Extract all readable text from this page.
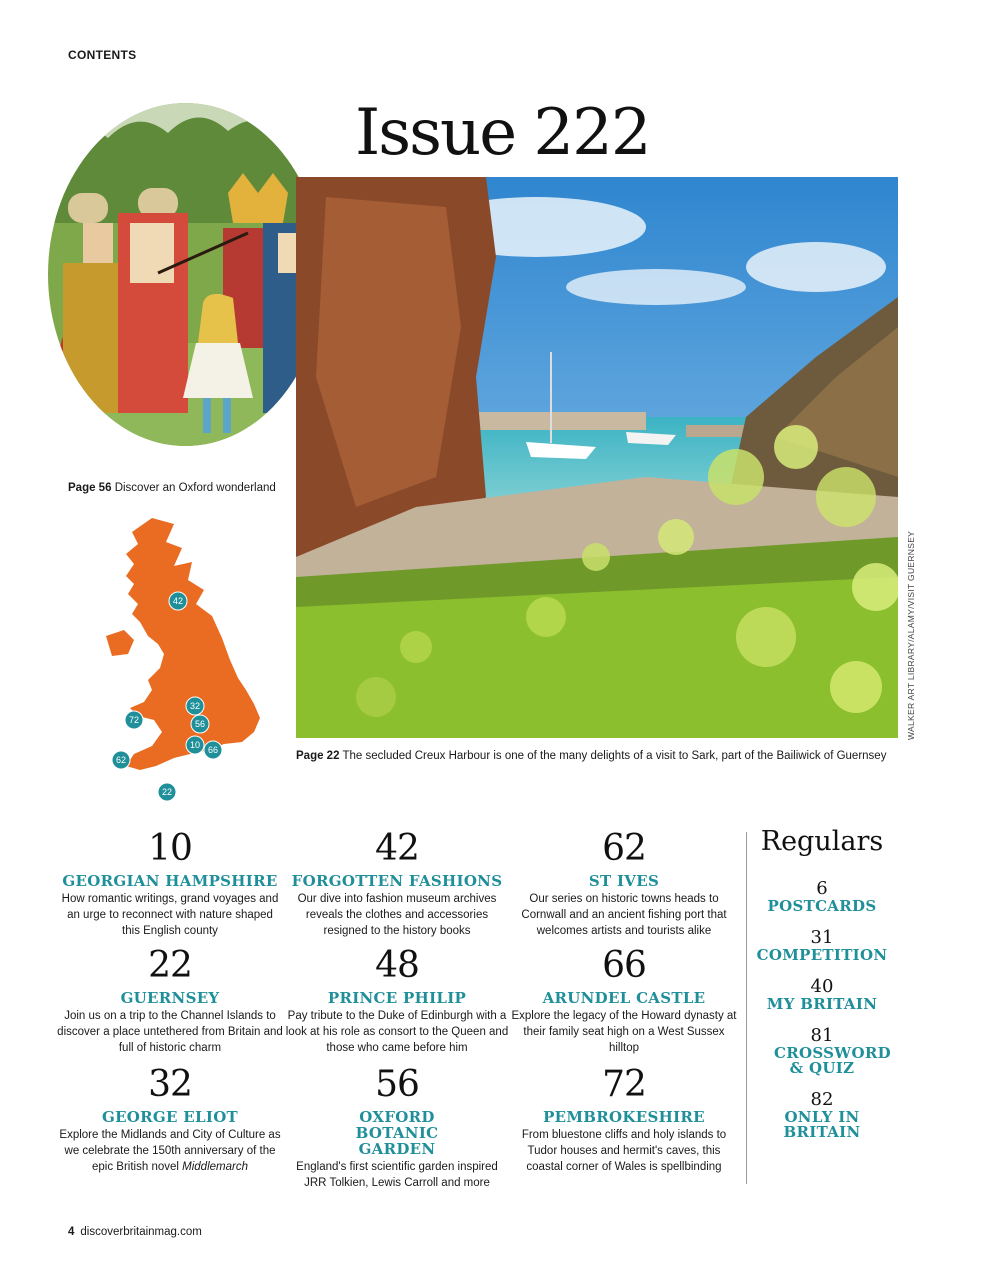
CONTENTS
Issue 222
Page 56 Discover an Oxford wonderland
WALKER ART LIBRARY/ALAMY/VISIT GUERNSEY
Page 22 The secluded Creux Harbour is one of the many delights of a visit to Sark, part of the Bailiwick of Guernsey
42
32
56
72
10 66
62
22
10
GEORGIAN HAMPSHIRE
How romantic writings, grand voyages and an urge to reconnect with nature shaped this English county
42
FORGOTTEN FASHIONS
Our dive into fashion museum archives reveals the clothes and accessories resigned to the history books
62
ST IVES
Our series on historic towns heads to Cornwall and an ancient fishing port that welcomes artists and tourists alike
22
GUERNSEY
Join us on a trip to the Channel Islands to discover a place untethered from Britain and full of historic charm
48
PRINCE PHILIP
Pay tribute to the Duke of Edinburgh with a look at his role as consort to the Queen and those who came before him
66
ARUNDEL CASTLE
Explore the legacy of the Howard dynasty at their family seat high on a West Sussex hilltop
32
GEORGE ELIOT
Explore the Midlands and City of Culture as we celebrate the 150th anniversary of the epic British novel Middlemarch
56
OXFORD BOTANIC GARDEN
England's first scientific garden inspired JRR Tolkien, Lewis Carroll and more
72
PEMBROKESHIRE
From bluestone cliffs and holy islands to Tudor houses and hermit's caves, this coastal corner of Wales is spellbinding
Regulars
6
POSTCARDS
31
COMPETITION
40
MY BRITAIN
81
CROSSWORD & QUIZ
82
ONLY IN BRITAIN
4 discoverbritainmag.com
